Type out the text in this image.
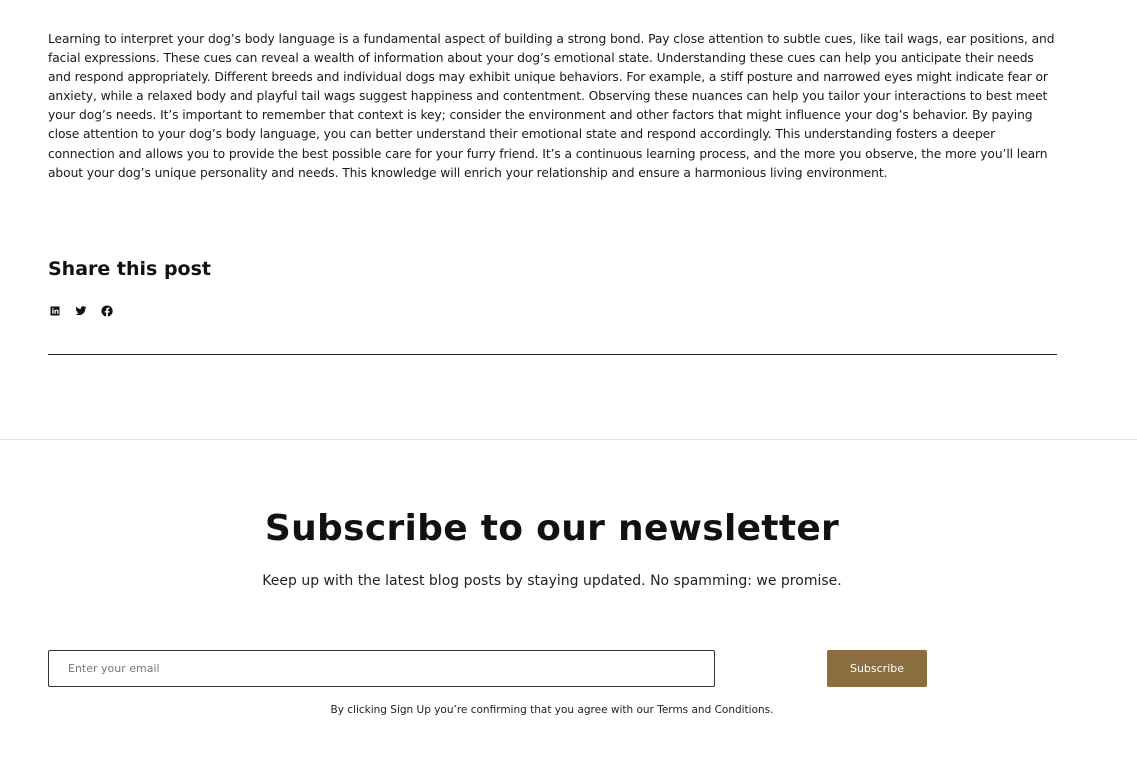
Learning to interpret your dog’s body language is a fundamental aspect of building a strong bond. Pay close attention to subtle cues, like tail wags, ear positions, and facial expressions. These cues can reveal a wealth of information about your dog’s emotional state. Understanding these cues can help you anticipate their needs and respond appropriately. Different breeds and individual dogs may exhibit unique behaviors. For example, a stiff posture and narrowed eyes might indicate fear or anxiety, while a relaxed body and playful tail wags suggest happiness and contentment. Observing these nuances can help you tailor your interactions to best meet your dog’s needs. It’s important to remember that context is key; consider the environment and other factors that might influence your dog’s behavior. By paying close attention to your dog’s body language, you can better understand their emotional state and respond accordingly. This understanding fosters a deeper connection and allows you to provide the best possible care for your furry friend. It’s a continuous learning process, and the more you observe, the more you’ll learn about your dog’s unique personality and needs. This knowledge will enrich your relationship and ensure a harmonious living environment.

Share this post
Subscribe to our newsletter

Keep up with the latest blog posts by staying updated. No spamming: we promise.

Enter your email
Subscribe

By clicking Sign Up you’re confirming that you agree with our Terms and Conditions.
